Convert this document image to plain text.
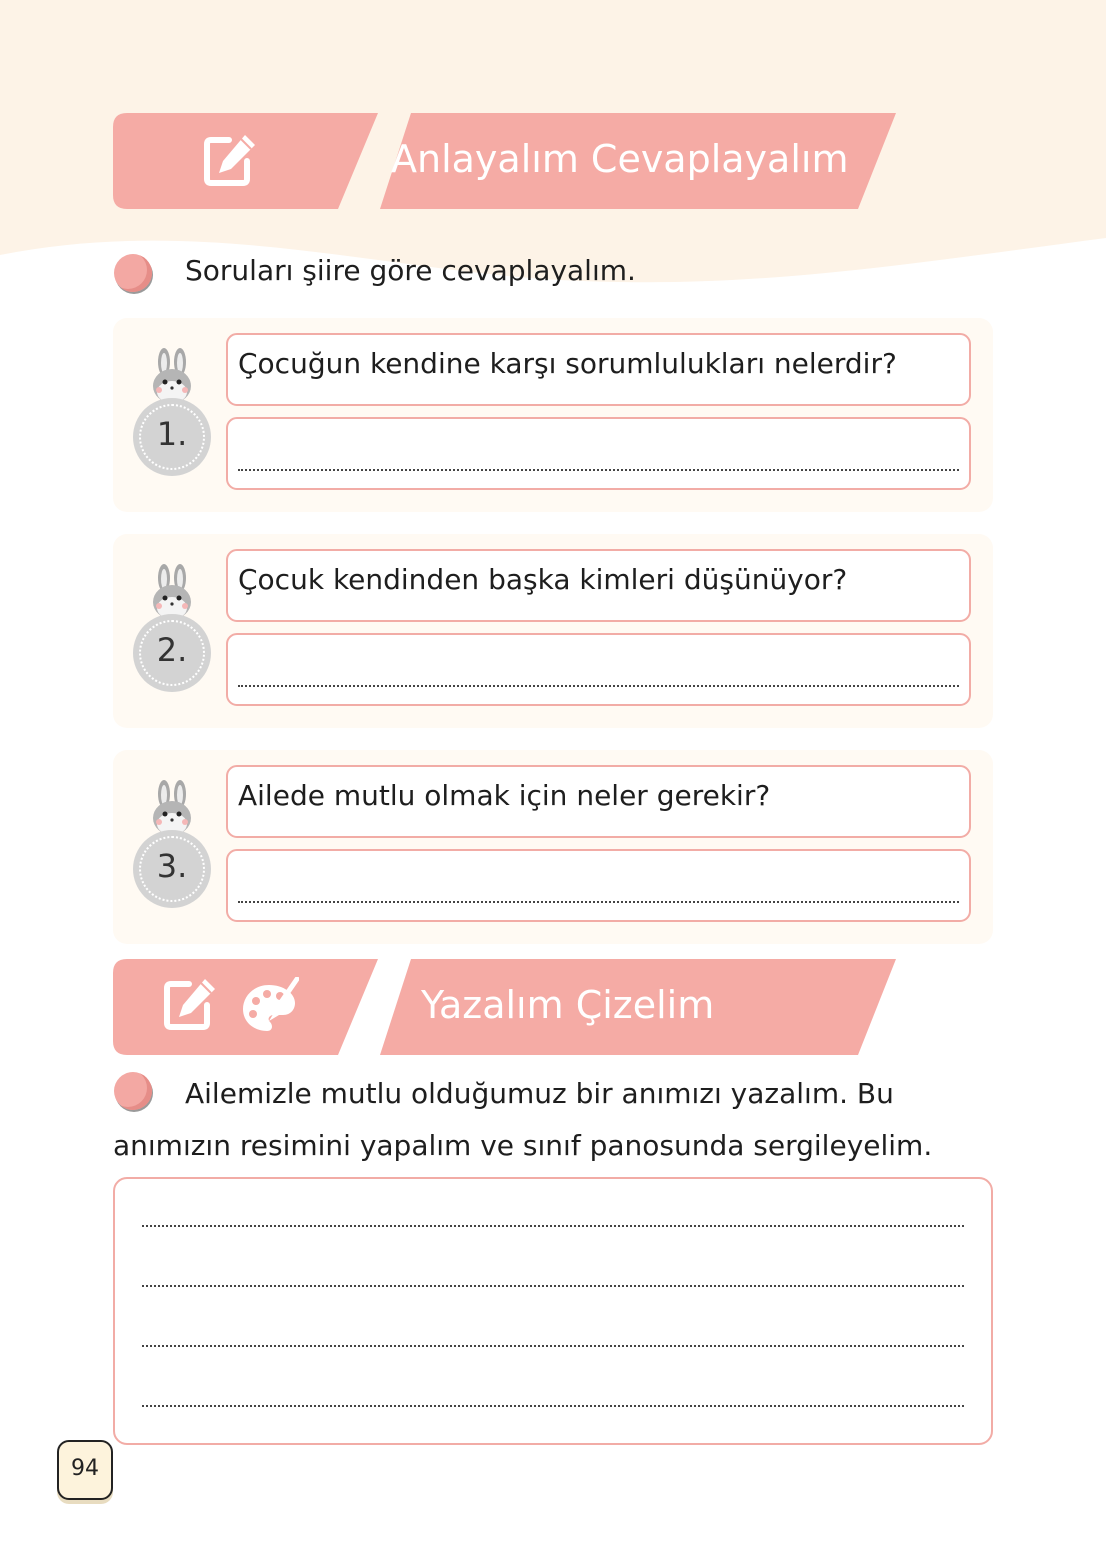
Anlayalım Cevaplayalım
Soruları şiire göre cevaplayalım.
1.
Çocuğun kendine karşı sorumlulukları nelerdir?
2.
Çocuk kendinden başka kimleri düşünüyor?
3.
Ailede mutlu olmak için neler gerekir?
Yazalım Çizelim
Ailemizle mutlu olduğumuz bir anımızı yazalım. Bu anımızın resimini yapalım ve sınıf panosunda sergileyelim.
94
